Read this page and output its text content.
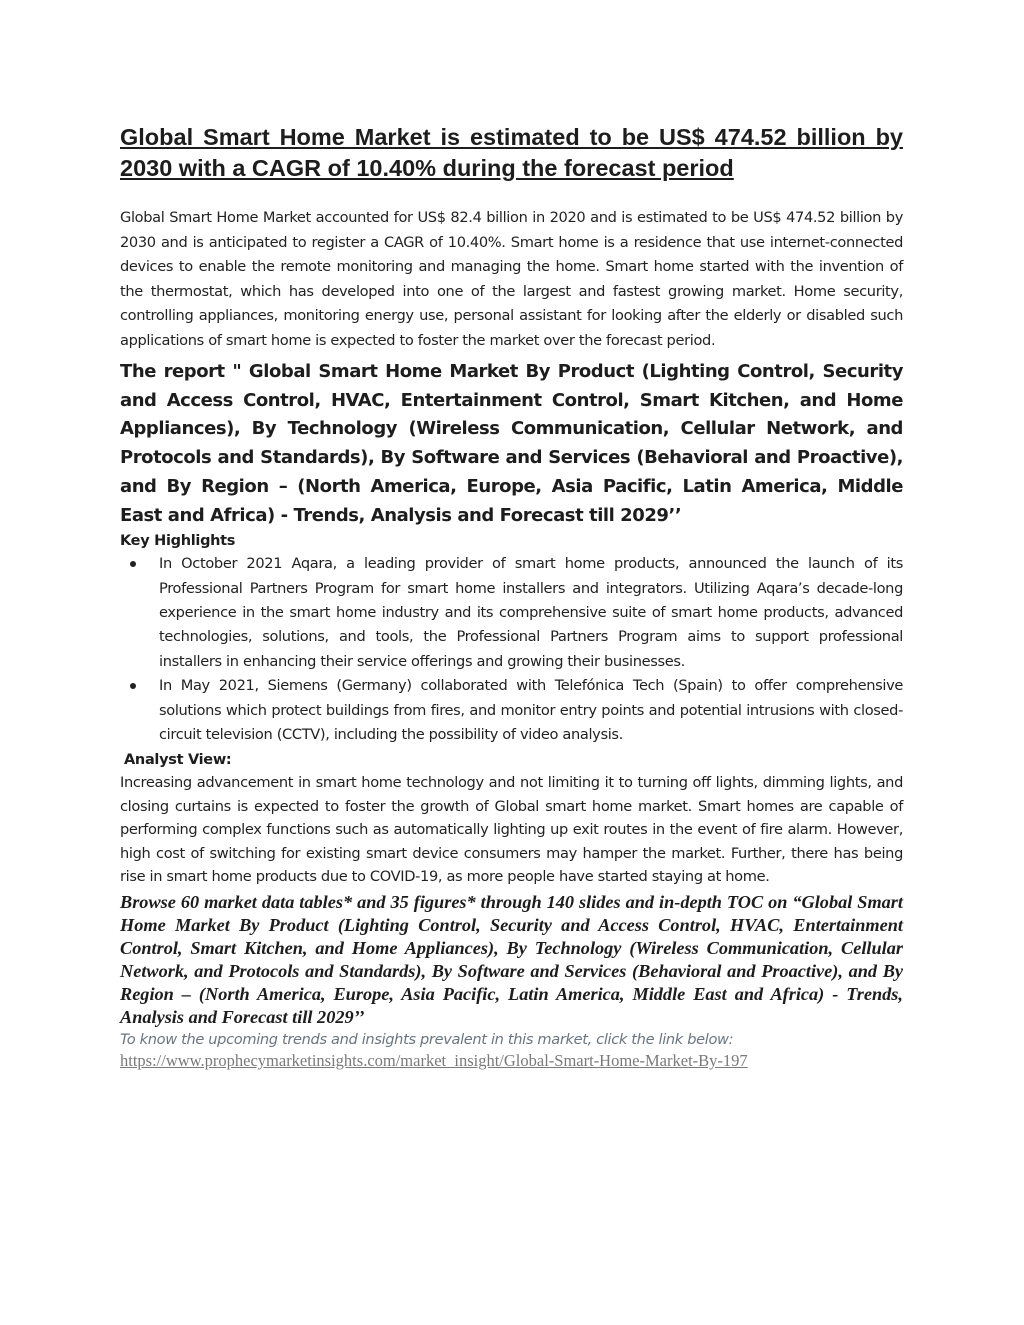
Global Smart Home Market is estimated to be US$ 474.52 billion by 2030 with a CAGR of 10.40% during the forecast period

Global Smart Home Market accounted for US$ 82.4 billion in 2020 and is estimated to be US$ 474.52 billion by 2030 and is anticipated to register a CAGR of 10.40%. Smart home is a residence that use internet-connected devices to enable the remote monitoring and managing the home. Smart home started with the invention of the thermostat, which has developed into one of the largest and fastest growing market. Home security, controlling appliances, monitoring energy use, personal assistant for looking after the elderly or disabled such applications of smart home is expected to foster the market over the forecast period.

The report " Global Smart Home Market By Product (Lighting Control, Security and Access Control, HVAC, Entertainment Control, Smart Kitchen, and Home Appliances), By Technology (Wireless Communication, Cellular Network, and Protocols and Standards), By Software and Services (Behavioral and Proactive), and By Region – (North America, Europe, Asia Pacific, Latin America, Middle East and Africa) - Trends, Analysis and Forecast till 2029’’
Key Highlights
In October 2021 Aqara, a leading provider of smart home products, announced the launch of its Professional Partners Program for smart home installers and integrators. Utilizing Aqara’s decade-long experience in the smart home industry and its comprehensive suite of smart home products, advanced technologies, solutions, and tools, the Professional Partners Program aims to support professional installers in enhancing their service offerings and growing their businesses.
In May 2021, Siemens (Germany) collaborated with Telefónica Tech (Spain) to offer comprehensive solutions which protect buildings from fires, and monitor entry points and potential intrusions with closed-circuit television (CCTV), including the possibility of video analysis.
Analyst View:

Increasing advancement in smart home technology and not limiting it to turning off lights, dimming lights, and closing curtains is expected to foster the growth of Global smart home market. Smart homes are capable of performing complex functions such as automatically lighting up exit routes in the event of fire alarm. However, high cost of switching for existing smart device consumers may hamper the market. Further, there has being rise in smart home products due to COVID-19, as more people have started staying at home.

Browse 60 market data tables* and 35 figures* through 140 slides and in-depth TOC on “Global Smart Home Market By Product (Lighting Control, Security and Access Control, HVAC, Entertainment Control, Smart Kitchen, and Home Appliances), By Technology (Wireless Communication, Cellular Network, and Protocols and Standards), By Software and Services (Behavioral and Proactive), and By Region – (North America, Europe, Asia Pacific, Latin America, Middle East and Africa) - Trends, Analysis and Forecast till 2029’’

To know the upcoming trends and insights prevalent in this market, click the link below:

https://www.prophecymarketinsights.com/market_insight/Global-Smart-Home-Market-By-197
